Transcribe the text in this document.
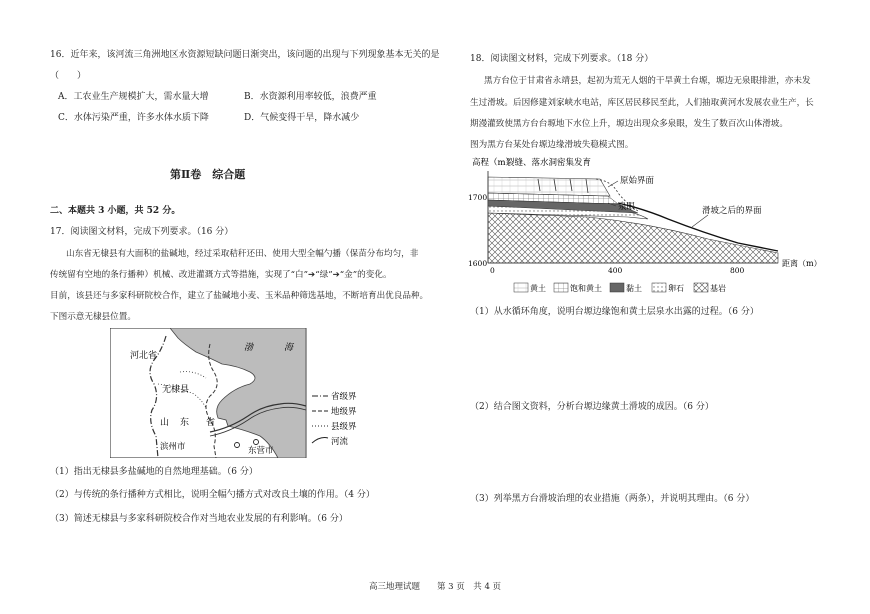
16．近年来，该河流三角洲地区水资源短缺问题日渐突出，该问题的出现与下列现象基本无关的是
（　　）
A．工农业生产规模扩大，需水量大增	B．水资源利用率较低，浪费严重
C．水体污染严重，许多水体水质下降	D．气候变得干旱，降水减少
第Ⅱ卷　综合题
二、本题共 3 小题，共 52 分。
17．阅读图文材料，完成下列要求。（16 分）
山东省无棣县有大面积的盐碱地，经过采取秸秆还田、使用大型全幅勺播（保苗分布均匀，非
传统留有空地的条行播种）机械、改进灌溉方式等措施，实现了“白”➔“绿”➔“金”的变化。
目前，该县还与多家科研院校合作，建立了盐碱地小麦、玉米品种筛选基地，不断培育出优良品种。
下图示意无棣县位置。
河北省
渤	海
无棣县
山 东 省
滨州市	东营市
省级界
地级界
县级界
河流
（1）指出无棣县多盐碱地的自然地理基础。（6 分）
（2）与传统的条行播种方式相比，说明全幅勺播方式对改良土壤的作用。（4 分）
（3）简述无棣县与多家科研院校合作对当地农业发展的有利影响。（6 分）
18．阅读图文材料，完成下列要求。（18 分）
黑方台位于甘肃省永靖县，起初为荒无人烟的干旱黄土台塬，塬边无泉眼排泄，亦未发
生过滑坡。后因修建刘家峡水电站，库区居民移民至此，人们抽取黄河水发展农业生产，长
期漫灌致使黑方台台塬地下水位上升，塬边出现众多泉眼，发生了数百次山体滑坡。
图为黑方台某处台塬边缘滑坡失稳模式图。
高程（m）
1700
1600
0	400	800
距离（m）
裂缝、落水洞密集发育
原始界面
泉眼	滑坡之后的界面
黄土	饱和黄土	黏土	卵石	基岩
（1）从水循环角度，说明台塬边缘饱和黄土层泉水出露的过程。（6 分）
（2）结合图文资料，分析台塬边缘黄土滑坡的成因。（6 分）
（3）列举黑方台滑坡治理的农业措施（两条），并说明其理由。（6 分）
高三地理试题　　第 3 页　共 4 页
